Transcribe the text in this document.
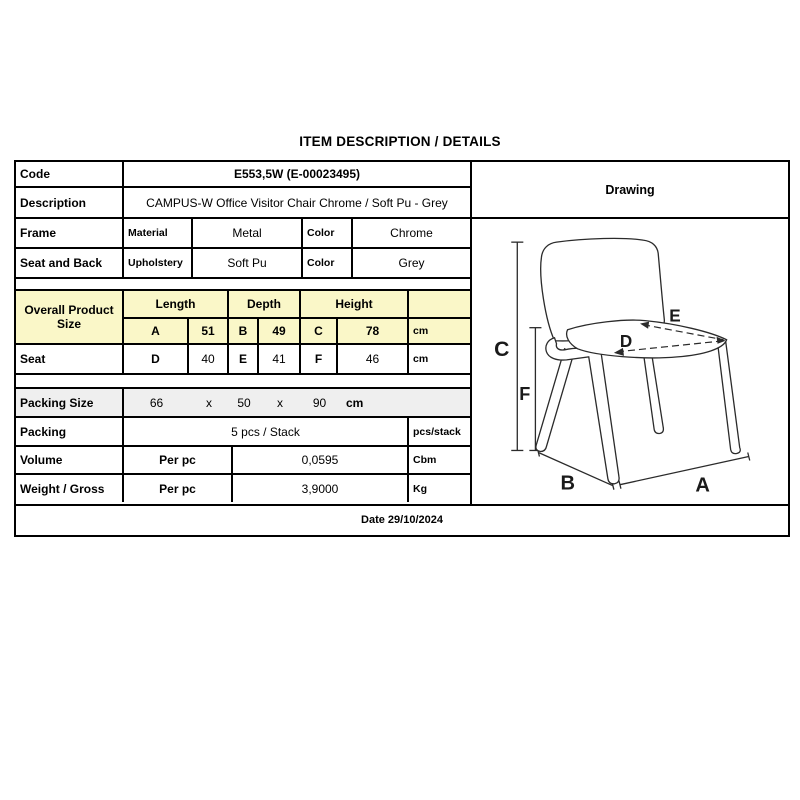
ITEM DESCRIPTION / DETAILS
Code	E553,5W (E-00023495)
Description	CAMPUS-W Office Visitor Chair Chrome / Soft Pu - Grey
Frame	Material	Metal	Color	Chrome
Seat and Back	Upholstery	Soft Pu	Color	Grey
Overall Product Size
Length	Depth	Height
A	51	B	49	C	78	cm
Seat	D	40	E	41	F	46	cm
Packing Size	66	x	50	x	90	cm
Packing	5 pcs / Stack	pcs/stack
Volume	Per pc	0,0595	Cbm
Weight / Gross	Per pc	3,9000	Kg
Drawing
C
F
D
E
B	A
Date 29/10/2024
